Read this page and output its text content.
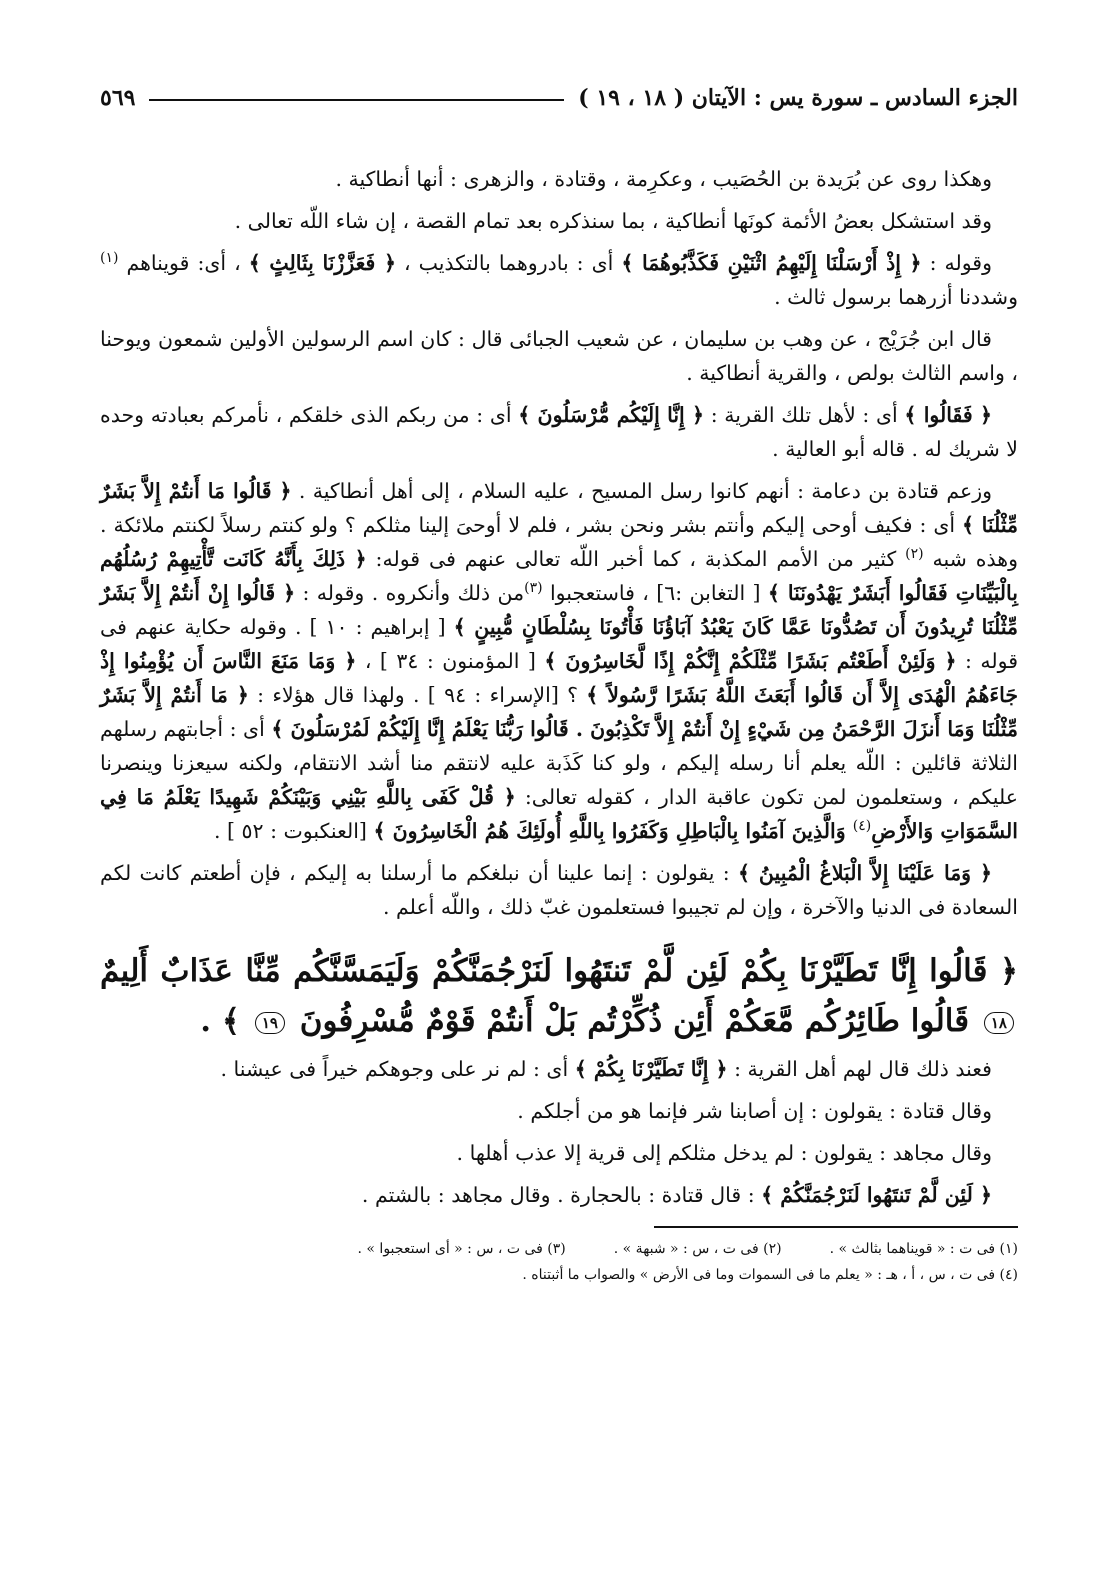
الجزء السادس ـ سورة يس : الآيتان ( ١٨ ، ١٩ )
٥٦٩

وهكذا روى عن بُرَيدة بن الحُصَيب ، وعكرِمة ، وقتادة ، والزهرى : أنها أنطاكية .

وقد استشكل بعضُ الأئمة كونَها أنطاكية ، بما سنذكره بعد تمام القصة ، إن شاء اللّه تعالى .

وقوله : ﴿ إِذْ أَرْسَلْنَا إِلَيْهِمُ اثْنَيْنِ فَكَذَّبُوهُمَا ﴾ أى : بادروهما بالتكذيب ، ﴿ فَعَزَّزْنَا بِثَالِثٍ ﴾ ، أى: قويناهم $^{(١)}$ وشددنا أزرهما برسول ثالث .

قال ابن جُرَيْج ، عن وهب بن سليمان ، عن شعيب الجبائى قال : كان اسم الرسولين الأولين شمعون ويوحنا ، واسم الثالث بولص ، والقرية أنطاكية .

﴿ فَقَالُوا ﴾ أى : لأهل تلك القرية : ﴿ إِنَّا إِلَيْكُم مُّرْسَلُونَ ﴾ أى : من ربكم الذى خلقكم ، نأمركم بعبادته وحده لا شريك له . قاله أبو العالية .

وزعم قتادة بن دعامة : أنهم كانوا رسل المسيح ، عليه السلام ، إلى أهل أنطاكية . ﴿ قَالُوا مَا أَنتُمْ إِلاَّ بَشَرٌ مِّثْلُنَا ﴾ أى : فكيف أوحى إليكم وأنتم بشر ونحن بشر ، فلم لا أوحىَ إلينا مثلكم ؟ ولو كنتم رسلاً لكنتم ملائكة . وهذه شبه $^{(٢)}$ كثير من الأمم المكذبة ، كما أخبر اللّه تعالى عنهم فى قوله: ﴿ ذَلِكَ بِأَنَّهُ كَانَت تَّأْتِيهِمْ رُسُلُهُم بِالْبَيِّنَاتِ فَقَالُوا أَبَشَرٌ يَهْدُونَنَا ﴾ [ التغابن :٦] ، فاستعجبوا $^{(٣)}$من ذلك وأنكروه . وقوله : ﴿ قَالُوا إِنْ أَنتُمْ إِلاَّ بَشَرٌ مِّثْلُنَا تُرِيدُونَ أَن تَصُدُّونَا عَمَّا كَانَ يَعْبُدُ آبَاؤُنَا فَأْتُونَا بِسُلْطَانٍ مُّبِينٍ ﴾ [ إبراهيم : ١٠ ] . وقوله حكاية عنهم فى قوله : ﴿ وَلَئِنْ أَطَعْتُم بَشَرًا مِّثْلَكُمْ إِنَّكُمْ إِذًا لَّخَاسِرُونَ ﴾ [ المؤمنون : ٣٤ ] ، ﴿ وَمَا مَنَعَ النَّاسَ أَن يُؤْمِنُوا إِذْ جَاءَهُمُ الْهُدَى إِلاَّ أَن قَالُوا أَبَعَثَ اللَّهُ بَشَرًا رَّسُولاً ﴾ ؟ [الإسراء : ٩٤ ] . ولهذا قال هؤلاء : ﴿ مَا أَنتُمْ إِلاَّ بَشَرٌ مِّثْلُنَا وَمَا أَنزَلَ الرَّحْمَنُ مِن شَيْءٍ إِنْ أَنتُمْ إِلاَّ تَكْذِبُونَ . قَالُوا رَبُّنَا يَعْلَمُ إِنَّا إِلَيْكُمْ لَمُرْسَلُونَ ﴾ أى : أجابتهم رسلهم الثلاثة قائلين : اللّه يعلم أنا رسله إليكم ، ولو كنا كَذَبة عليه لانتقم منا أشد الانتقام، ولكنه سيعزنا وينصرنا عليكم ، وستعلمون لمن تكون عاقبة الدار ، كقوله تعالى: ﴿ قُلْ كَفَى بِاللَّهِ بَيْنِي وَبَيْنَكُمْ شَهِيدًا يَعْلَمُ مَا فِي السَّمَوَاتِ وَالأَرْضِ$^{(٤)}$ وَالَّذِينَ آمَنُوا بِالْبَاطِلِ وَكَفَرُوا بِاللَّهِ أُولَئِكَ هُمُ الْخَاسِرُونَ ﴾ [العنكبوت : ٥٢ ] .

﴿ وَمَا عَلَيْنَا إِلاَّ الْبَلاغُ الْمُبِينُ ﴾ : يقولون : إنما علينا أن نبلغكم ما أرسلنا به إليكم ، فإن أطعتم كانت لكم السعادة فى الدنيا والآخرة ، وإن لم تجيبوا فستعلمون غبّ ذلك ، واللّه أعلم .

﴿ قَالُوا إِنَّا تَطَيَّرْنَا بِكُمْ لَئِن لَّمْ تَنتَهُوا لَنَرْجُمَنَّكُمْ وَلَيَمَسَّنَّكُم مِّنَّا عَذَابٌ أَلِيمٌ ١٨ قَالُوا طَائِرُكُم مَّعَكُمْ أَئِن ذُكِّرْتُم بَلْ أَنتُمْ قَوْمٌ مُّسْرِفُونَ ١٩ ﴾ .

فعند ذلك قال لهم أهل القرية : ﴿ إِنَّا تَطَيَّرْنَا بِكُمْ ﴾ أى : لم نر على وجوهكم خيراً فى عيشنا .

وقال قتادة : يقولون : إن أصابنا شر فإنما هو من أجلكم .

وقال مجاهد : يقولون : لم يدخل مثلكم إلى قرية إلا عذب أهلها .

﴿ لَئِن لَّمْ تَنتَهُوا لَنَرْجُمَنَّكُمْ ﴾ : قال قتادة : بالحجارة . وقال مجاهد : بالشتم .

(١) فى ت : « قويناهما بثالث » .
(٢) فى ت ، س : « شبهة » .
(٣) فى ت ، س : « أى استعجبوا » .
(٤) فى ت ، س ، أ ، هـ : « يعلم ما فى السموات وما فى الأرض » والصواب ما أثبتناه .
